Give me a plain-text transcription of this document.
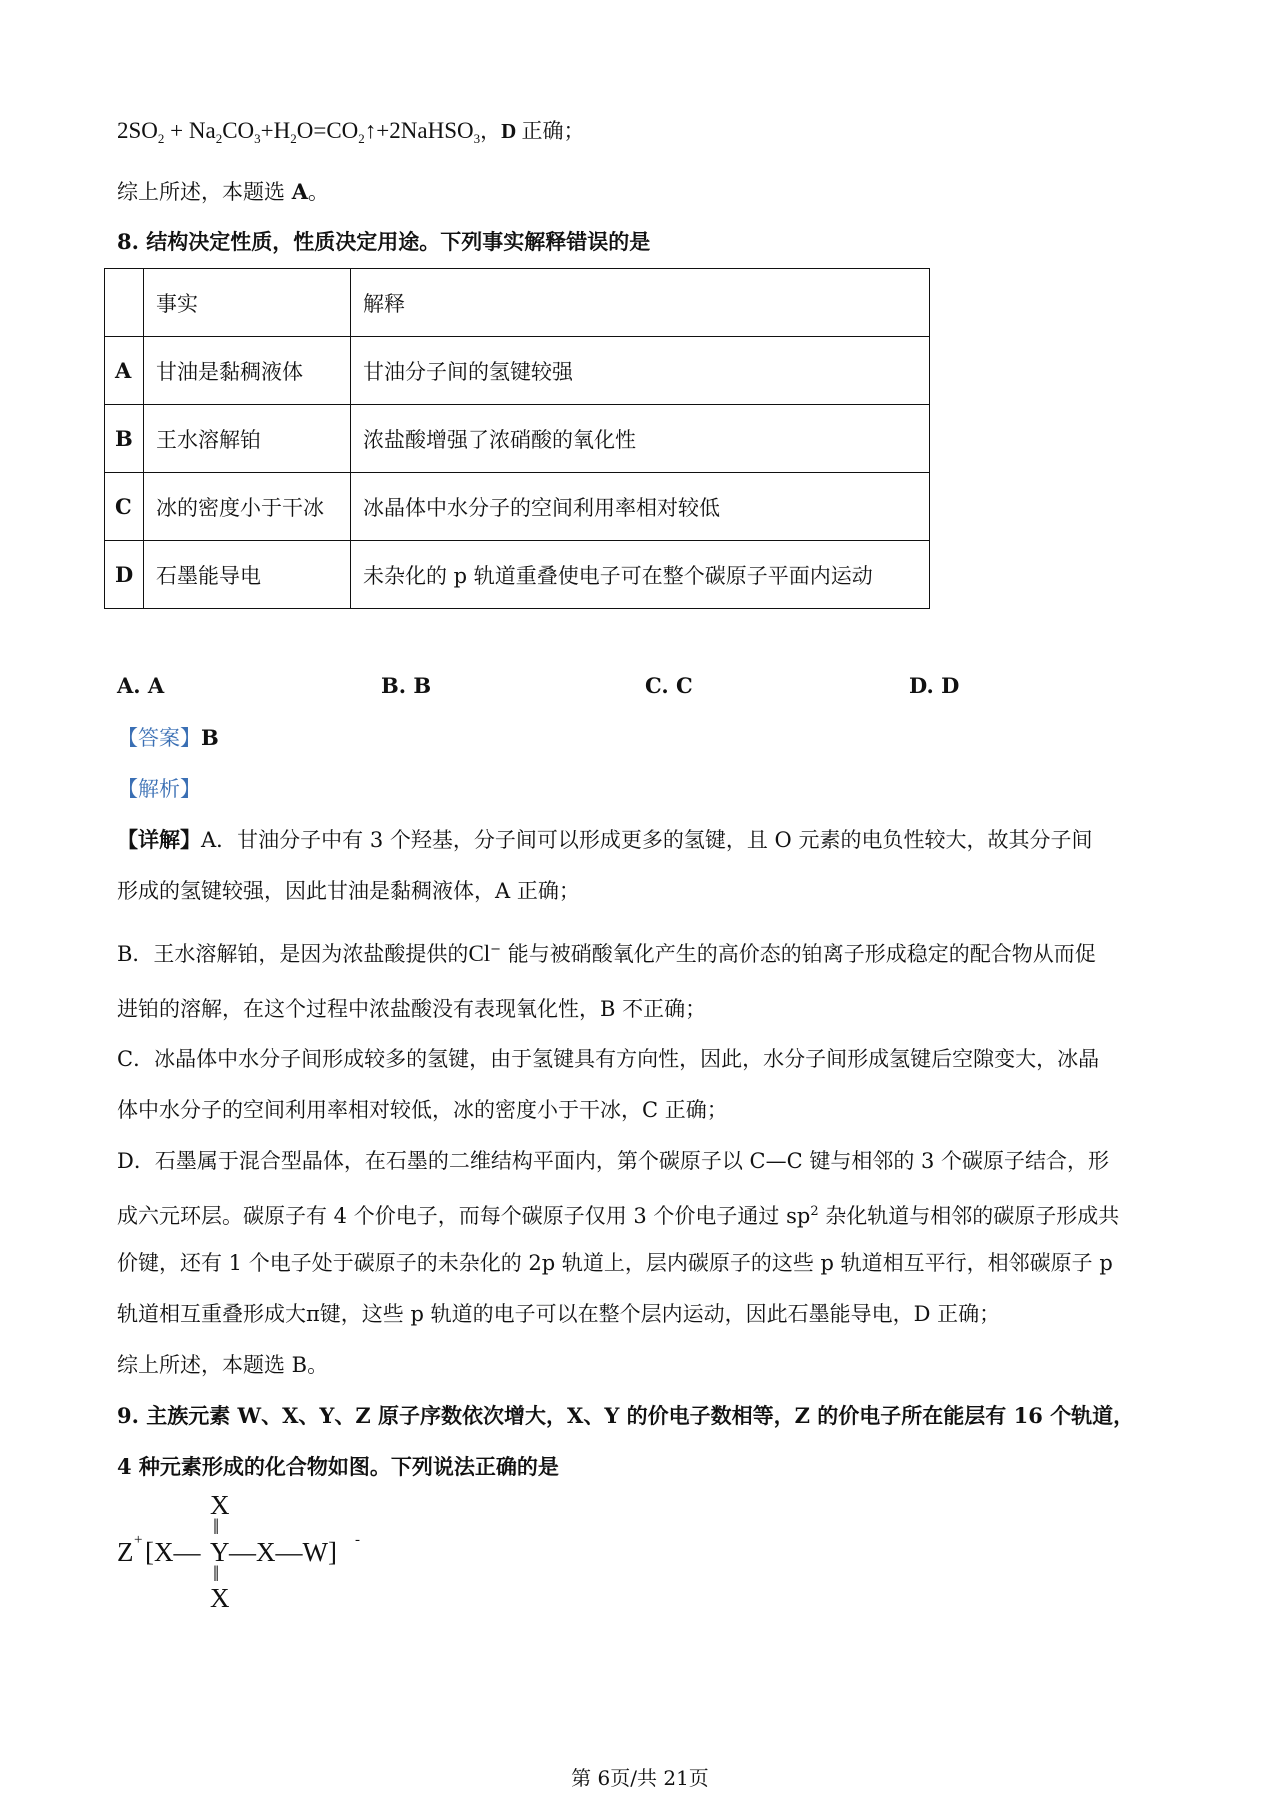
$2SO_2$ + $Na_2CO_3+H_2O=CO_2↑+2NaHSO_3$，D 正确；
综上所述，本题选 A。
8. 结构决定性质，性质决定用途。下列事实解释错误的是
	事实	解释
A	甘油是黏稠液体	甘油分子间的氢键较强
B	王水溶解铂	浓盐酸增强了浓硝酸的氧化性
C	冰的密度小于干冰	冰晶体中水分子的空间利用率相对较低
D	石墨能导电	未杂化的 p 轨道重叠使电子可在整个碳原子平面内运动
A. A	B. B	C. C	D. D
【答案】B
【解析】
【详解】A．甘油分子中有 3 个羟基，分子间可以形成更多的氢键，且 O 元素的电负性较大，故其分子间
形成的氢键较强，因此甘油是黏稠液体，A 正确；
B．王水溶解铂，是因为浓盐酸提供的Cl− 能与被硝酸氧化产生的高价态的铂离子形成稳定的配合物从而促
进铂的溶解，在这个过程中浓盐酸没有表现氧化性，B 不正确；
C．冰晶体中水分子间形成较多的氢键，由于氢键具有方向性，因此，水分子间形成氢键后空隙变大，冰晶
体中水分子的空间利用率相对较低，冰的密度小于干冰，C 正确；
D．石墨属于混合型晶体，在石墨的二维结构平面内，第个碳原子以 C—C 键与相邻的 3 个碳原子结合，形
成六元环层。碳原子有 4 个价电子，而每个碳原子仅用 3 个价电子通过 $sp^2$ 杂化轨道与相邻的碳原子形成共
价键，还有 1 个电子处于碳原子的未杂化的 2p 轨道上，层内碳原子的这些 p 轨道相互平行，相邻碳原子 p
轨道相互重叠形成大π键，这些 p 轨道的电子可以在整个层内运动，因此石墨能导电，D 正确；
综上所述，本题选 B。
9. 主族元素 W、X、Y、Z 原子序数依次增大，X、Y 的价电子数相等，Z 的价电子所在能层有 16 个轨道，
4 种元素形成的化合物如图。下列说法正确的是
X
‖
Z + [X— Y —X—W] -
‖
X
第 6页/共 21页
